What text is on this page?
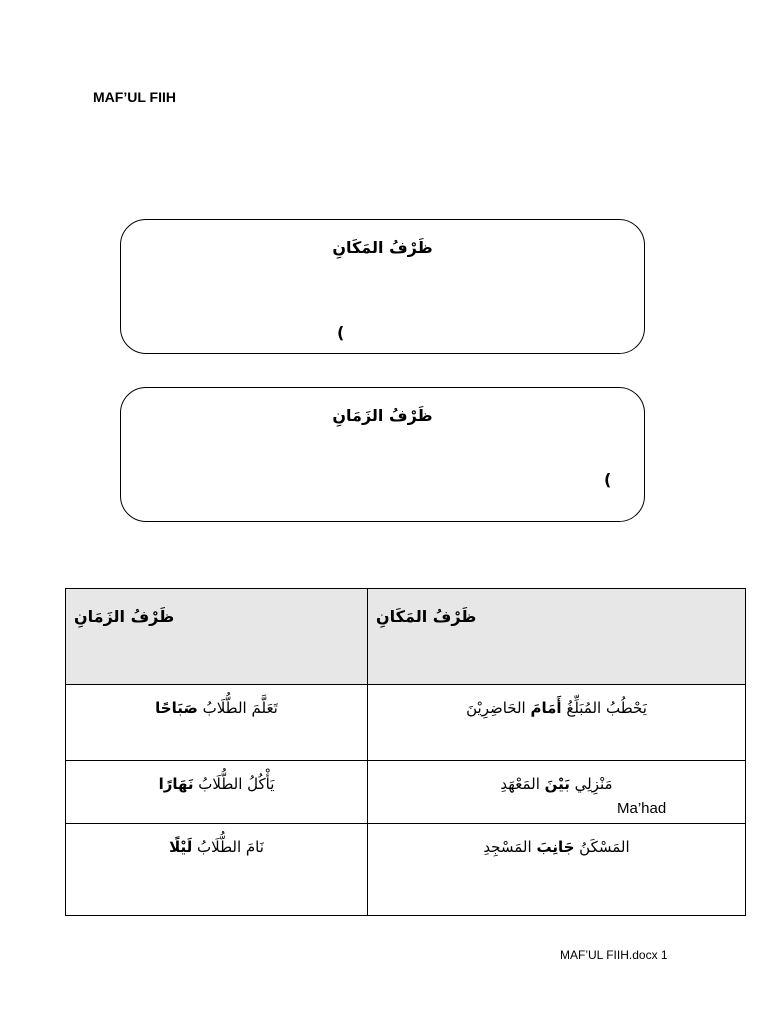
MAF’UL FIIH
ظَرْفُ المَكَانِ
(
ظَرْفُ الزَمَانِ
(
ظَرْفُ الزَمَانِ	ظَرْفُ المَكَانِ

تَعَلَّمَ الطُّلَابُ صَبَاحًا	يَحْطُبُ المُبَلِّغُ أَمَامَ الحَاضِرِيْنَ

يَأْكُلُ الطُّلَابُ نَهَارًا	مَنْزِلِي بَيْنَ المَعْهَدِ
Ma’had

نَامَ الطُّلَابُ لَيْلًا	المَسْكَنُ جَانِبَ المَسْجِدِ
MAF’UL FIIH.docx 1
